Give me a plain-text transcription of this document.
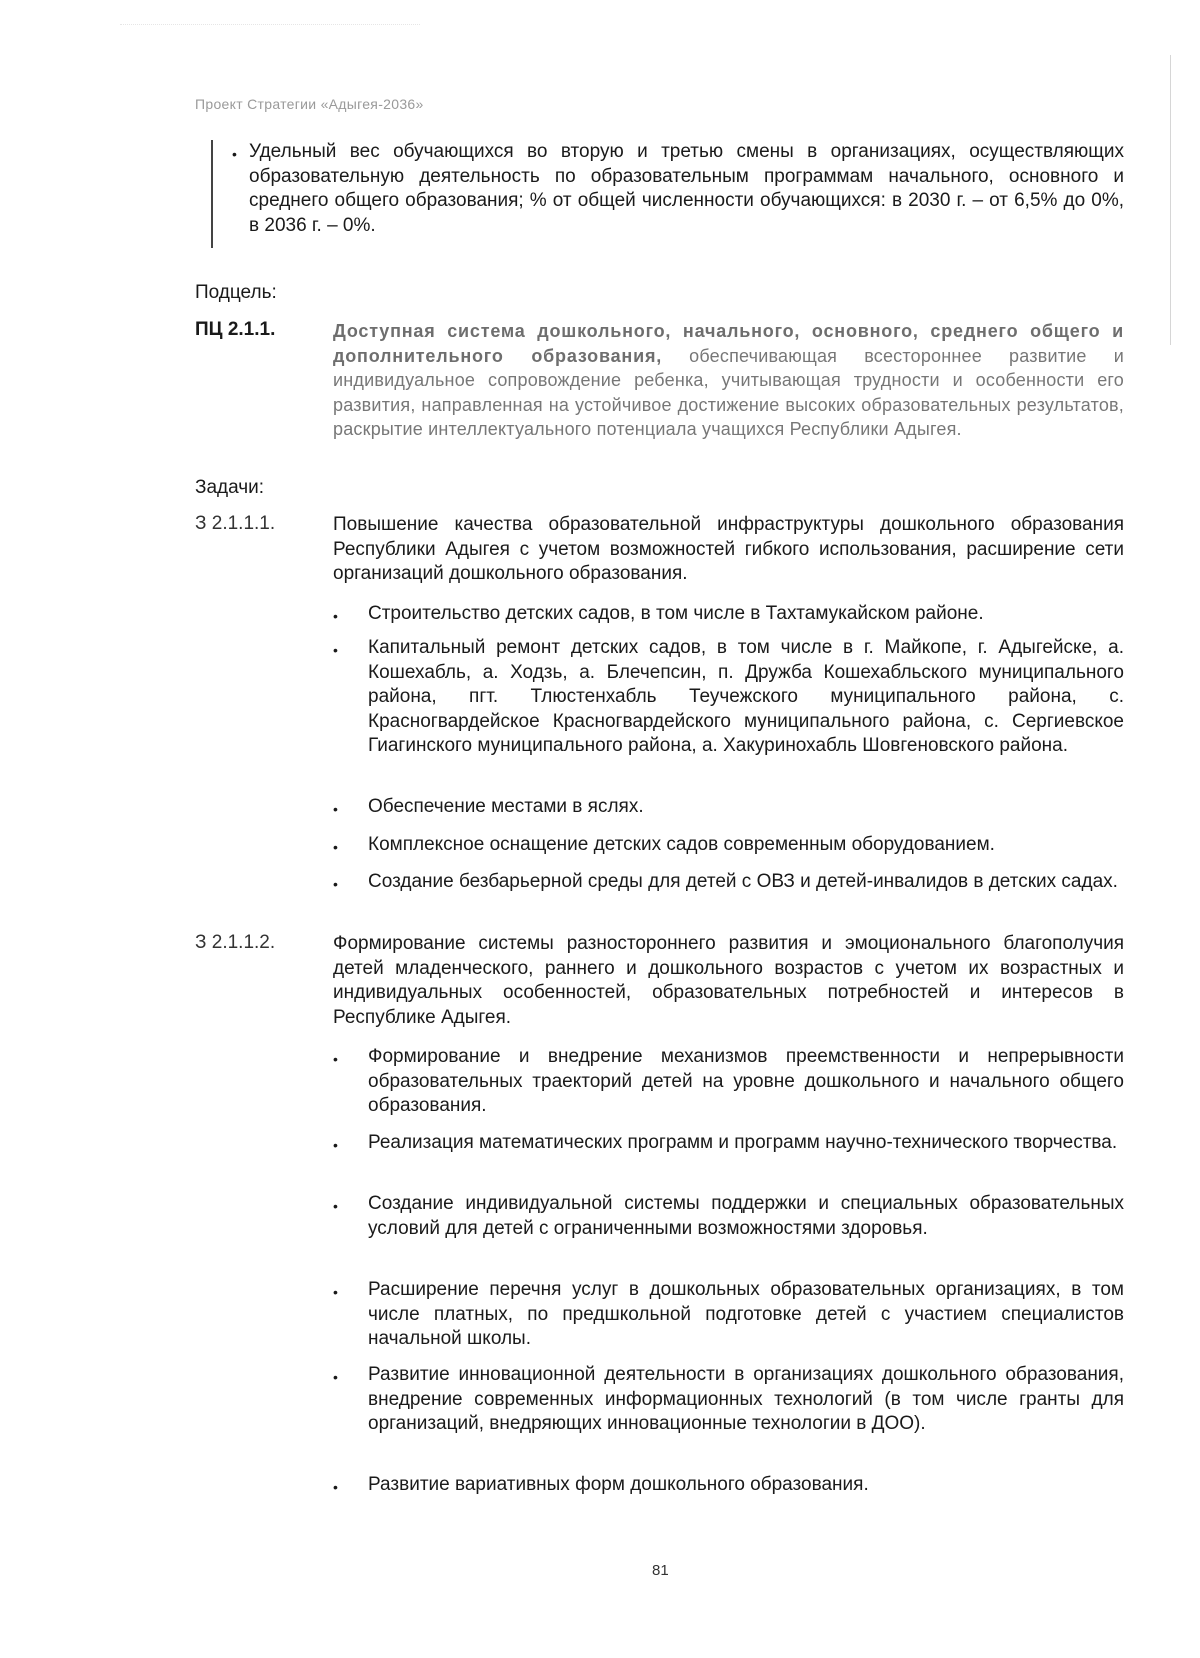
Проект Стратегии «Адыгея-2036»
• Удельный вес обучающихся во вторую и третью смены в организациях, осуществляющих образовательную деятельность по образовательным программам начального, основного и среднего общего образования; % от общей численности обучающихся: в 2030 г. – от 6,5% до 0%, в 2036 г. – 0%.
Подцель:
ПЦ 2.1.1.	Доступная система дошкольного, начального, основного, среднего общего и дополнительного образования, обеспечивающая всестороннее развитие и индивидуальное сопровождение ребенка, учитывающая трудности и особенности его развития, направленная на устойчивое достижение высоких образовательных результатов, раскрытие интеллектуального потенциала учащихся Республики Адыгея.
Задачи:
З 2.1.1.1.	Повышение качества образовательной инфраструктуры дошкольного образования Республики Адыгея с учетом возможностей гибкого использования, расширение сети организаций дошкольного образования.
• Строительство детских садов, в том числе в Тахтамукайском районе.
• Капитальный ремонт детских садов, в том числе в г. Майкопе, г. Адыгейске, а. Кошехабль, а. Ходзь, а. Блечепсин, п. Дружба Кошехабльского муниципального района, пгт. Тлюстенхабль Теучежского муниципального района, с. Красногвардейское Красногвардейского муниципального района, с. Сергиевское Гиагинского муниципального района, а. Хакуринохабль Шовгеновского района.
• Обеспечение местами в яслях.
• Комплексное оснащение детских садов современным оборудованием.
• Создание безбарьерной среды для детей с ОВЗ и детей-инвалидов в детских садах.
З 2.1.1.2.	Формирование системы разностороннего развития и эмоционального благополучия детей младенческого, раннего и дошкольного возрастов с учетом их возрастных и индивидуальных особенностей, образовательных потребностей и интересов в Республике Адыгея.
• Формирование и внедрение механизмов преемственности и непрерывности образовательных траекторий детей на уровне дошкольного и начального общего образования.
• Реализация математических программ и программ научно-технического творчества.
• Создание индивидуальной системы поддержки и специальных образовательных условий для детей с ограниченными возможностями здоровья.
• Расширение перечня услуг в дошкольных образовательных организациях, в том числе платных, по предшкольной подготовке детей с участием специалистов начальной школы.
• Развитие инновационной деятельности в организациях дошкольного образования, внедрение современных информационных технологий (в том числе гранты для организаций, внедряющих инновационные технологии в ДОО).
• Развитие вариативных форм дошкольного образования.
81
